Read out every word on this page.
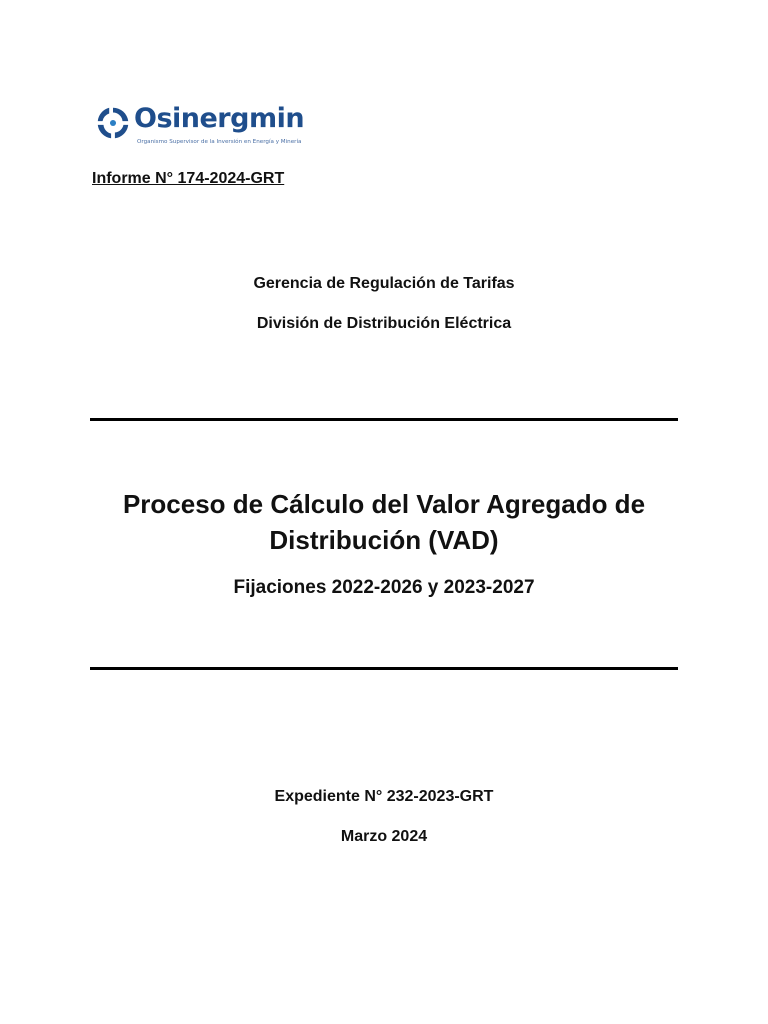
Osinergmin
Organismo Supervisor de la Inversión en Energía y Minería
Informe N° 174-2024-GRT
Gerencia de Regulación de Tarifas
División de Distribución Eléctrica
Proceso de Cálculo del Valor Agregado de
Distribución (VAD)
Fijaciones 2022-2026 y 2023-2027
Expediente N° 232-2023-GRT
Marzo 2024
